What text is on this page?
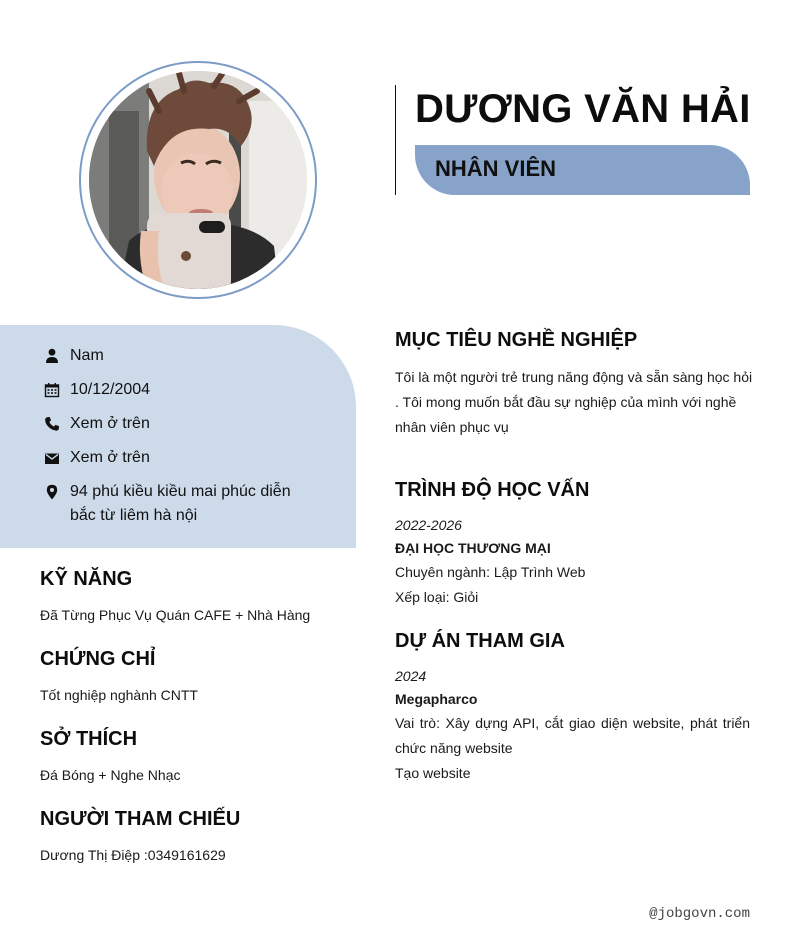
DƯƠNG VĂN HẢI
NHÂN VIÊN
Nam
10/12/2004
Xem ở trên
Xem ở trên
94 phú kiều kiều mai phúc diễn bắc từ liêm hà nội
KỸ NĂNG
Đã Từng Phục Vụ Quán CAFE + Nhà Hàng
CHỨNG CHỈ
Tốt nghiệp nghành CNTT
SỞ THÍCH
Đá Bóng + Nghe Nhạc
NGƯỜI THAM CHIẾU
Dương Thị Điệp :0349161629
MỤC TIÊU NGHỀ NGHIỆP
Tôi là một người trẻ trung năng động và sẵn sàng học hỏi . Tôi mong muốn bắt đầu sự nghiệp của mình với nghề nhân viên phục vụ
TRÌNH ĐỘ HỌC VẤN
2022-2026
ĐẠI HỌC THƯƠNG MẠI
Chuyên ngành: Lập Trình Web
Xếp loại: Giỏi
DỰ ÁN THAM GIA
2024
Megapharco
Vai trò: Xây dựng API, cắt giao diện website, phát triển chức năng website
Tạo website
@jobgovn.com
